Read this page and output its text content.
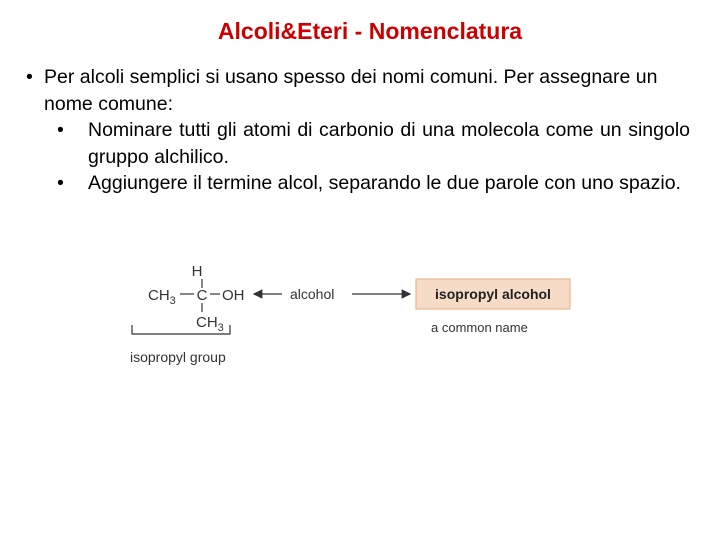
Alcoli&Eteri - Nomenclatura
• Per alcoli semplici si usano spesso dei nomi comuni. Per assegnare un nome comune:
• Nominare tutti gli atomi di carbonio di una molecola come un singolo gruppo alchilico.
• Aggiungere il termine alcol, separando le due parole con uno spazio.
H
$CH_3$ C OH
$CH_3$
alcohol	isopropyl alcohol
a common name
isopropyl group
